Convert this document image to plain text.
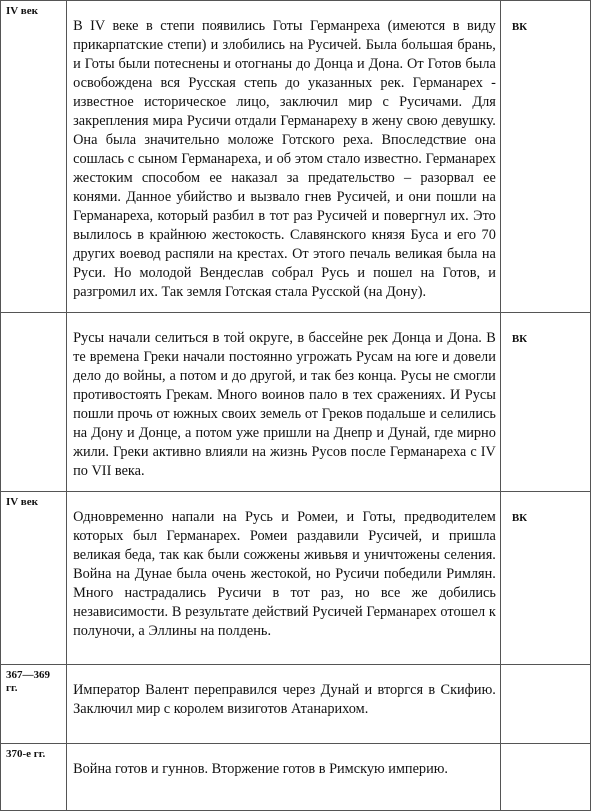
IV век	В IV веке в степи появились Готы Германреха (имеются в виду прикарпатские степи) и злобились на Русичей. Была большая брань, и Готы были потеснены и отогнаны до Донца и Дона. От Готов была освобождена вся Русская степь до указанных рек. Германарех - известное историческое лицо, заключил мир с Русичами. Для закрепления мира Русичи отдали Германареху в жену свою девушку. Она была значительно моложе Готского реха. Впоследствие она сошлась с сыном Германареха, и об этом стало известно. Германарех жестоким способом ее наказал за предательство – разорвал ее конями. Данное убийство и вызвало гнев Русичей, и они пошли на Германареха, который разбил в тот раз Русичей и повергнул их. Это вылилось в крайнюю жестокость. Славянского князя Буса и его 70 других воевод распяли на крестах. От этого печаль великая была на Руси. Но молодой Вендеслав собрал Русь и пошел на Готов, и разгромил их. Так земля Готская стала Русской (на Дону).	ВК
	Русы начали селиться в той округе, в бассейне рек Донца и Дона. В те времена Греки начали постоянно угрожать Русам на юге и довели дело до войны, а потом и до другой, и так без конца. Русы не смогли противостоять Грекам. Много воинов пало в тех сражениях. И Русы пошли прочь от южных своих земель от Греков подальше и селились на Дону и Донце, а потом уже пришли на Днепр и Дунай, где мирно жили. Греки активно влияли на жизнь Русов после Германареха с IV по VII века.	ВК
IV век	Одновременно напали на Русь и Ромеи, и Готы, предводителем которых был Германарех. Ромеи раздавили Русичей, и пришла великая беда, так как были сожжены живьвя и уничтожены селения. Война на Дунае была очень жестокой, но Русичи победили Римлян. Много настрадались Русичи в тот раз, но все же добились независимости. В результате действий Русичей Германарех отошел к полуночи, а Эллины на полдень.	ВК
367—369 гг.	Император Валент переправился через Дунай и вторгся в Скифию. Заключил мир с королем визиготов Атанарихом.	
370-е гг.	Война готов и гуннов. Вторжение готов в Римскую империю.	
